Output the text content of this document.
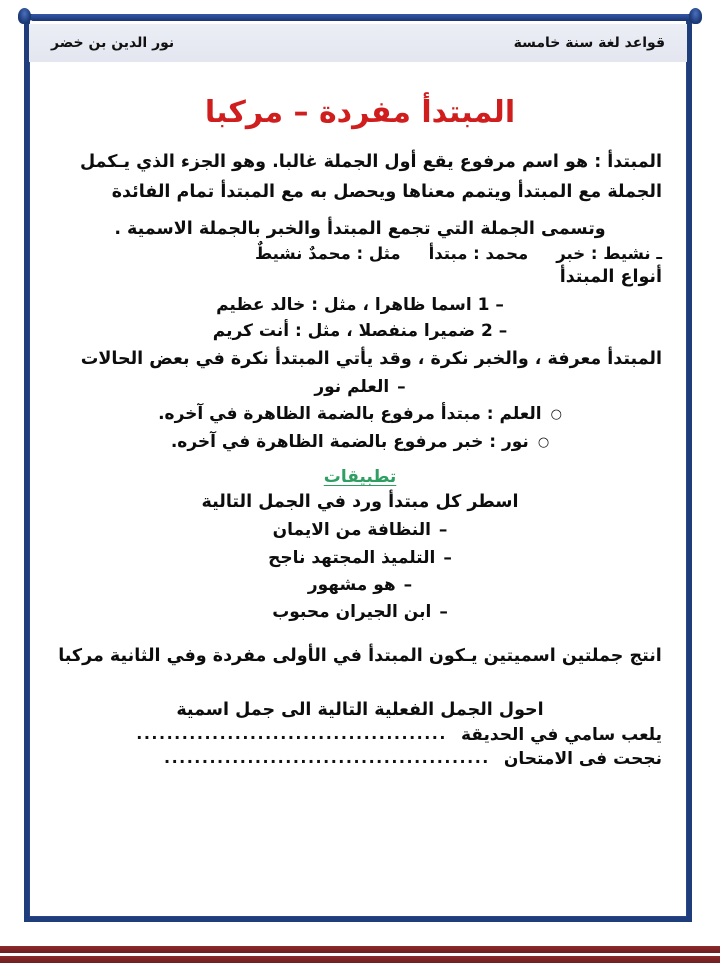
قواعد لغة سنة خامسة
نور الدين بن خضر
المبتدأ مفردة – مركبا

المبتدأ : هو اسم مرفوع يقع أول الجملة غالبا. وهو الجزء الذي يـكمل

الجملة مع المبتدأ ويتمم معناها ويحصل به مع المبتدأ تمام الفائدة

وتسمى الجملة التي تجمع المبتدأ والخبر بالجملة الاسمية .

ـ نشيط : خبر
محمد : مبتدأ
مثل : محمدٌ نشيطٌ
أنواع المبتدأ
– 1 اسما ظاهرا ، مثل : خالد عظيم
– 2 ضميرا منفصلا ، مثل : أنت كريم

المبتدأ معرفة ، والخبر نكرة ، وقد يأتي المبتدأ نكرة في بعض الحالات

– العلم نور
○ العلم : مبتدأ مرفوع بالضمة الظاهرة في آخره.
○ نور : خبر مرفوع بالضمة الظاهرة في آخره.
تطبيقات

اسطر كل مبتدأ ورد في الجمل التالية

– النظافة من الايمان
– التلميذ المجتهد ناجح
– هو مشهور
– ابن الجيران محبوب

انتج جملتين اسميتين يـكون المبتدأ في الأولى مفردة وفي الثانية مركبا

احول الجمل الفعلية التالية الى جمل اسمية

يلعب سامي في الحديقة
.........................................
نجحت فى الامتحان
...........................................
